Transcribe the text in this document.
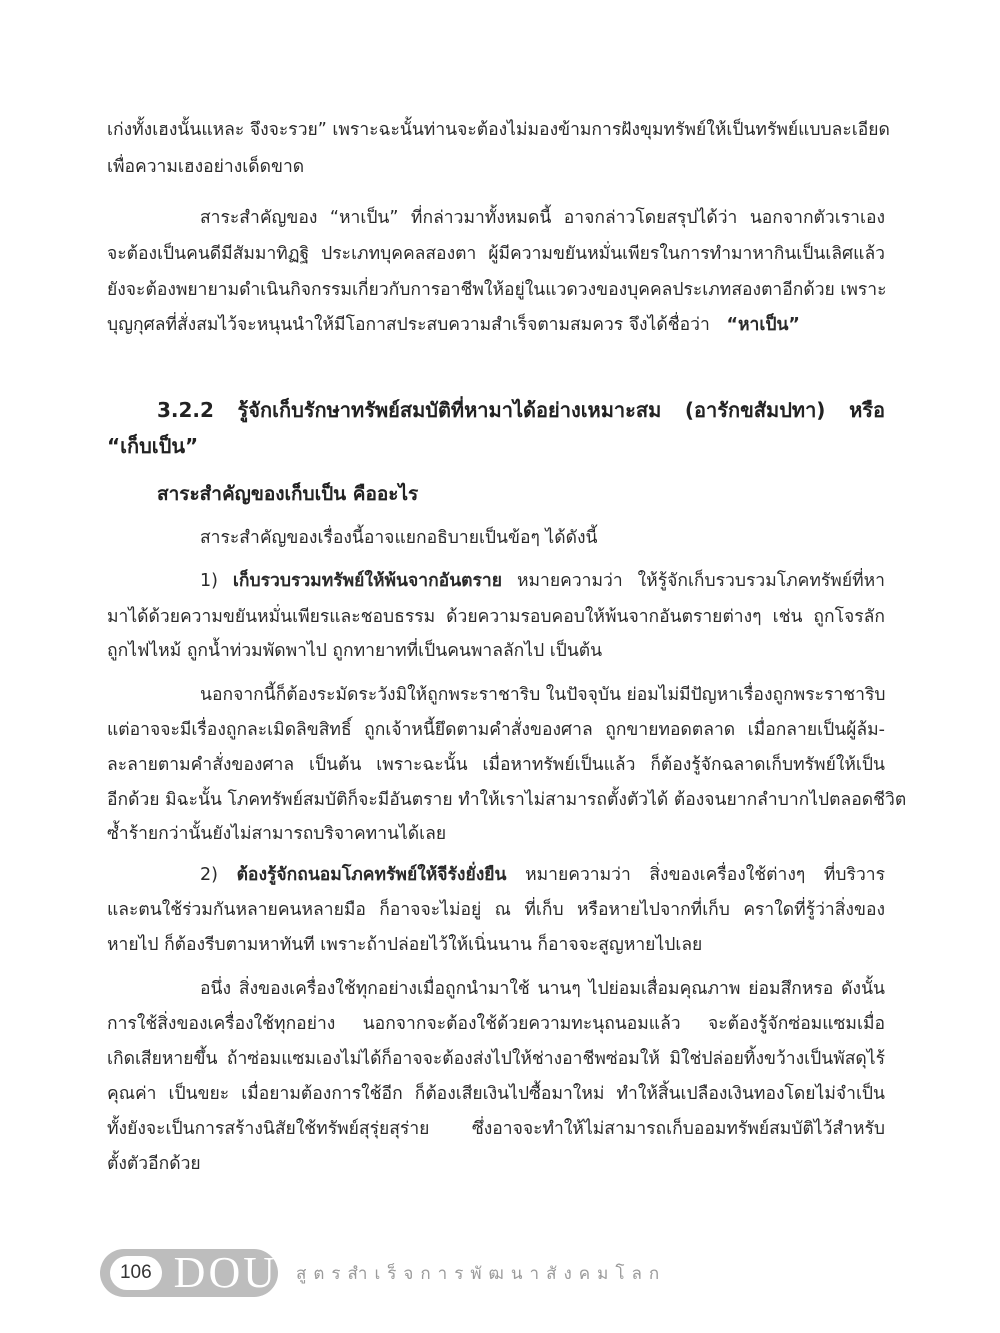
เก่งทั้งเฮงนั้นแหละ จึงจะรวย” เพราะฉะนั้นท่านจะต้องไม่มองข้ามการฝังขุมทรัพย์ให้เป็นทรัพย์แบบละเอียด
เพื่อความเฮงอย่างเด็ดขาด
สาระสำคัญของ “หาเป็น” ที่กล่าวมาทั้งหมดนี้ อาจกล่าวโดยสรุปได้ว่า นอกจากตัวเราเอง
จะต้องเป็นคนดีมีสัมมาทิฏฐิ ประเภทบุคคลสองตา ผู้มีความขยันหมั่นเพียรในการทำมาหากินเป็นเลิศแล้ว
ยังจะต้องพยายามดำเนินกิจกรรมเกี่ยวกับการอาชีพให้อยู่ในแวดวงของบุคคลประเภทสองตาอีกด้วย เพราะ
บุญกุศลที่สั่งสมไว้จะหนุนนำให้มีโอกาสประสบความสำเร็จตามสมควร จึงได้ชื่อว่า “หาเป็น”
3.2.2 รู้จักเก็บรักษาทรัพย์สมบัติที่หามาได้อย่างเหมาะสม (อารักขสัมปทา) หรือ
“เก็บเป็น”
สาระสำคัญของเก็บเป็น คืออะไร
สาระสำคัญของเรื่องนี้อาจแยกอธิบายเป็นข้อๆ ได้ดังนี้
1) เก็บรวบรวมทรัพย์ให้พ้นจากอันตราย หมายความว่า ให้รู้จักเก็บรวบรวมโภคทรัพย์ที่หา
มาได้ด้วยความขยันหมั่นเพียรและชอบธรรม ด้วยความรอบคอบให้พ้นจากอันตรายต่างๆ เช่น ถูกโจรลัก
ถูกไฟไหม้ ถูกน้ำท่วมพัดพาไป ถูกทายาทที่เป็นคนพาลลักไป เป็นต้น
นอกจากนี้ก็ต้องระมัดระวังมิให้ถูกพระราชาริบ ในปัจจุบัน ย่อมไม่มีปัญหาเรื่องถูกพระราชาริบ
แต่อาจจะมีเรื่องถูกละเมิดลิขสิทธิ์ ถูกเจ้าหนี้ยึดตามคำสั่งของศาล ถูกขายทอดตลาด เมื่อกลายเป็นผู้ล้ม-
ละลายตามคำสั่งของศาล เป็นต้น เพราะฉะนั้น เมื่อหาทรัพย์เป็นแล้ว ก็ต้องรู้จักฉลาดเก็บทรัพย์ให้เป็น
อีกด้วย มิฉะนั้น โภคทรัพย์สมบัติก็จะมีอันตราย ทำให้เราไม่สามารถตั้งตัวได้ ต้องจนยากลำบากไปตลอดชีวิต
ซ้ำร้ายกว่านั้นยังไม่สามารถบริจาคทานได้เลย
2) ต้องรู้จักถนอมโภคทรัพย์ให้จีรังยั่งยืน หมายความว่า สิ่งของเครื่องใช้ต่างๆ ที่บริวาร
และตนใช้ร่วมกันหลายคนหลายมือ ก็อาจจะไม่อยู่ ณ ที่เก็บ หรือหายไปจากที่เก็บ คราใดที่รู้ว่าสิ่งของ
หายไป ก็ต้องรีบตามหาทันที เพราะถ้าปล่อยไว้ให้เนิ่นนาน ก็อาจจะสูญหายไปเลย
อนึ่ง สิ่งของเครื่องใช้ทุกอย่างเมื่อถูกนำมาใช้ นานๆ ไปย่อมเสื่อมคุณภาพ ย่อมสึกหรอ ดังนั้น
การใช้สิ่งของเครื่องใช้ทุกอย่าง นอกจากจะต้องใช้ด้วยความทะนุถนอมแล้ว จะต้องรู้จักซ่อมแซมเมื่อ
เกิดเสียหายขึ้น ถ้าซ่อมแซมเองไม่ได้ก็อาจจะต้องส่งไปให้ช่างอาชีพซ่อมให้ มิใช่ปล่อยทิ้งขว้างเป็นพัสดุไร้
คุณค่า เป็นขยะ เมื่อยามต้องการใช้อีก ก็ต้องเสียเงินไปซื้อมาใหม่ ทำให้สิ้นเปลืองเงินทองโดยไม่จำเป็น
ทั้งยังจะเป็นการสร้างนิสัยใช้ทรัพย์สุรุ่ยสุร่าย ซึ่งอาจจะทำให้ไม่สามารถเก็บออมทรัพย์สมบัติไว้สำหรับ
ตั้งตัวอีกด้วย
106 DOU สูตรสำเร็จการพัฒนาสังคมโลก
